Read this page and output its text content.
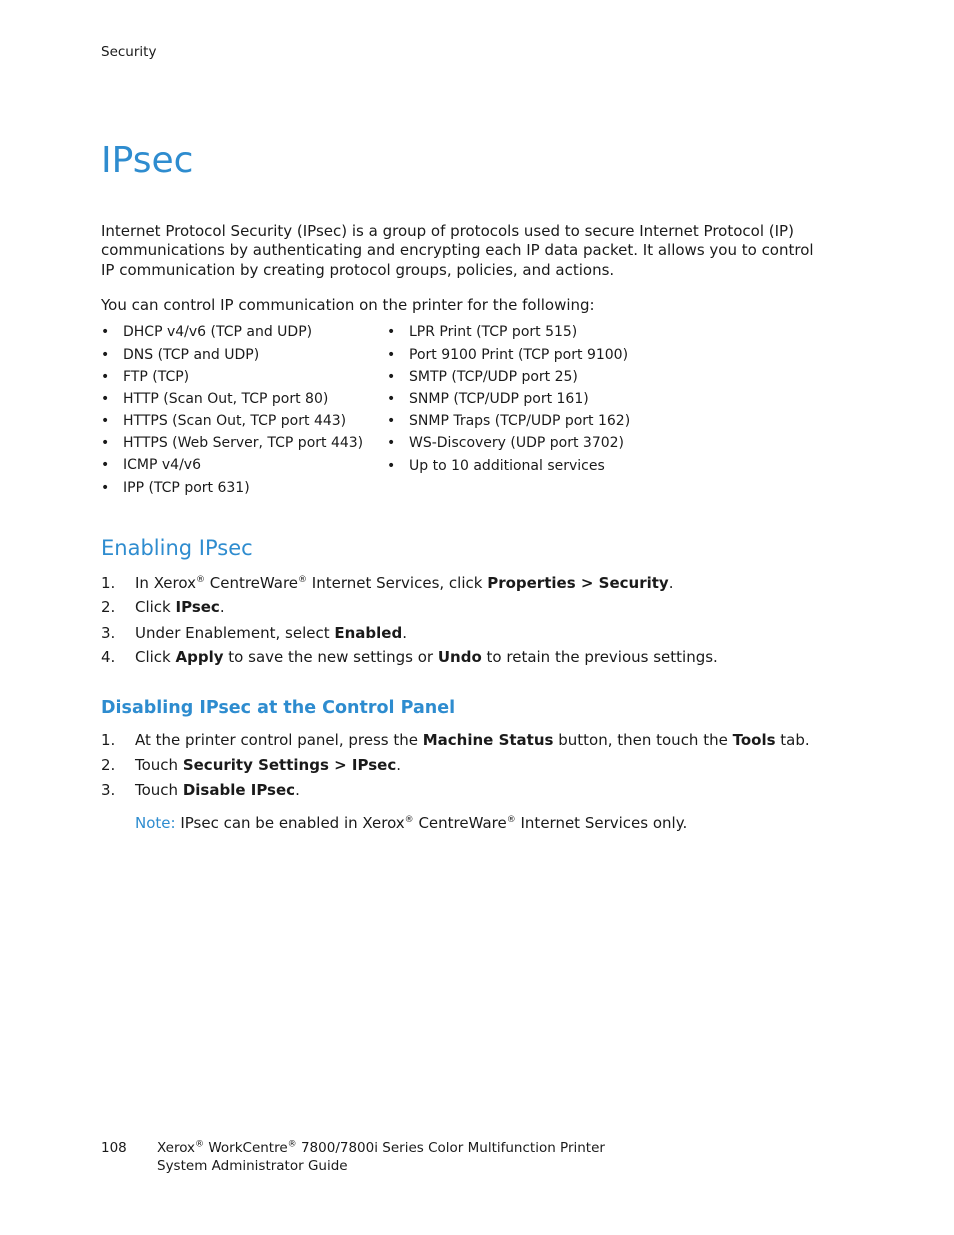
Security
IPsec
Internet Protocol Security (IPsec) is a group of protocols used to secure Internet Protocol (IP) communications by authenticating and encrypting each IP data packet. It allows you to control IP communication by creating protocol groups, policies, and actions.
You can control IP communication on the printer for the following:
• DHCP v4/v6 (TCP and UDP)
• DNS (TCP and UDP)
• FTP (TCP)
• HTTP (Scan Out, TCP port 80)
• HTTPS (Scan Out, TCP port 443)
• HTTPS (Web Server, TCP port 443)
• ICMP v4/v6
• IPP (TCP port 631)
• LPR Print (TCP port 515)
• Port 9100 Print (TCP port 9100)
• SMTP (TCP/UDP port 25)
• SNMP (TCP/UDP port 161)
• SNMP Traps (TCP/UDP port 162)
• WS-Discovery (UDP port 3702)
• Up to 10 additional services
Enabling IPsec
1. In Xerox® CentreWare® Internet Services, click Properties > Security.
2. Click IPsec.
3. Under Enablement, select Enabled.
4. Click Apply to save the new settings or Undo to retain the previous settings.
Disabling IPsec at the Control Panel
1. At the printer control panel, press the Machine Status button, then touch the Tools tab.
2. Touch Security Settings > IPsec.
3. Touch Disable IPsec.
Note: IPsec can be enabled in Xerox® CentreWare® Internet Services only.
108 Xerox® WorkCentre® 7800/7800i Series Color Multifunction Printer
System Administrator Guide
